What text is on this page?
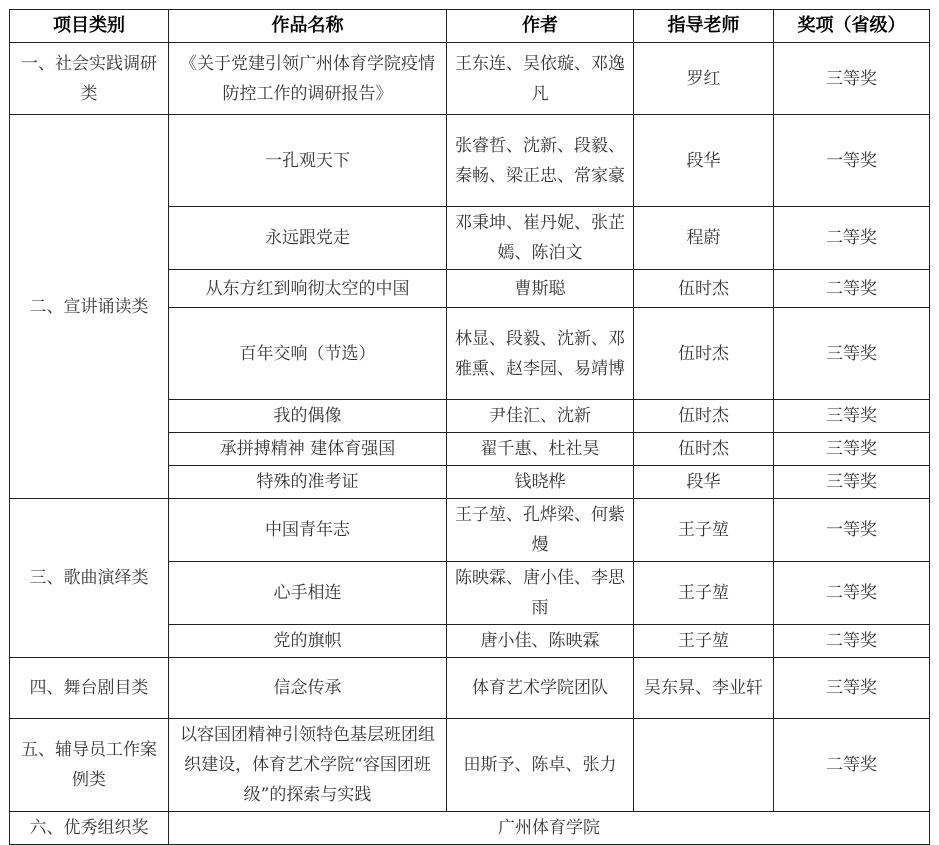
项目类别	作品名称	作者	指导老师	奖项（省级）
一、社会实践调研类	《关于党建引领广州体育学院疫情防控工作的调研报告》	王东连、吴依璇、邓逸凡	罗红	三等奖
二、宣讲诵读类	一孔观天下	张睿哲、沈新、段毅、秦畅、梁正忠、常家豪	段华	一等奖
	永远跟党走	邓秉坤、崔丹妮、张芷嫣、陈泊文	程蔚	二等奖
	从东方红到响彻太空的中国	曹斯聪	伍时杰	二等奖
	百年交响（节选）	林显、段毅、沈新、邓雅熏、赵李园、易靖博	伍时杰	三等奖
	我的偶像	尹佳汇、沈新	伍时杰	三等奖
	承拼搏精神 建体育强国	翟千惠、杜社昊	伍时杰	三等奖
	特殊的准考证	钱晓桦	段华	三等奖
三、歌曲演绎类	中国青年志	王子堃、孔烨梁、何紫熳	王子堃	一等奖
	心手相连	陈映霖、唐小佳、李思雨	王子堃	二等奖
	党的旗帜	唐小佳、陈映霖	王子堃	二等奖
四、舞台剧目类	信念传承	体育艺术学院团队	吴东昇、李业轩	三等奖
五、辅导员工作案例类	以容国团精神引领特色基层班团组织建设，体育艺术学院“容国团班级”的探索与实践	田斯予、陈卓、张力		二等奖
六、优秀组织奖	广州体育学院			
